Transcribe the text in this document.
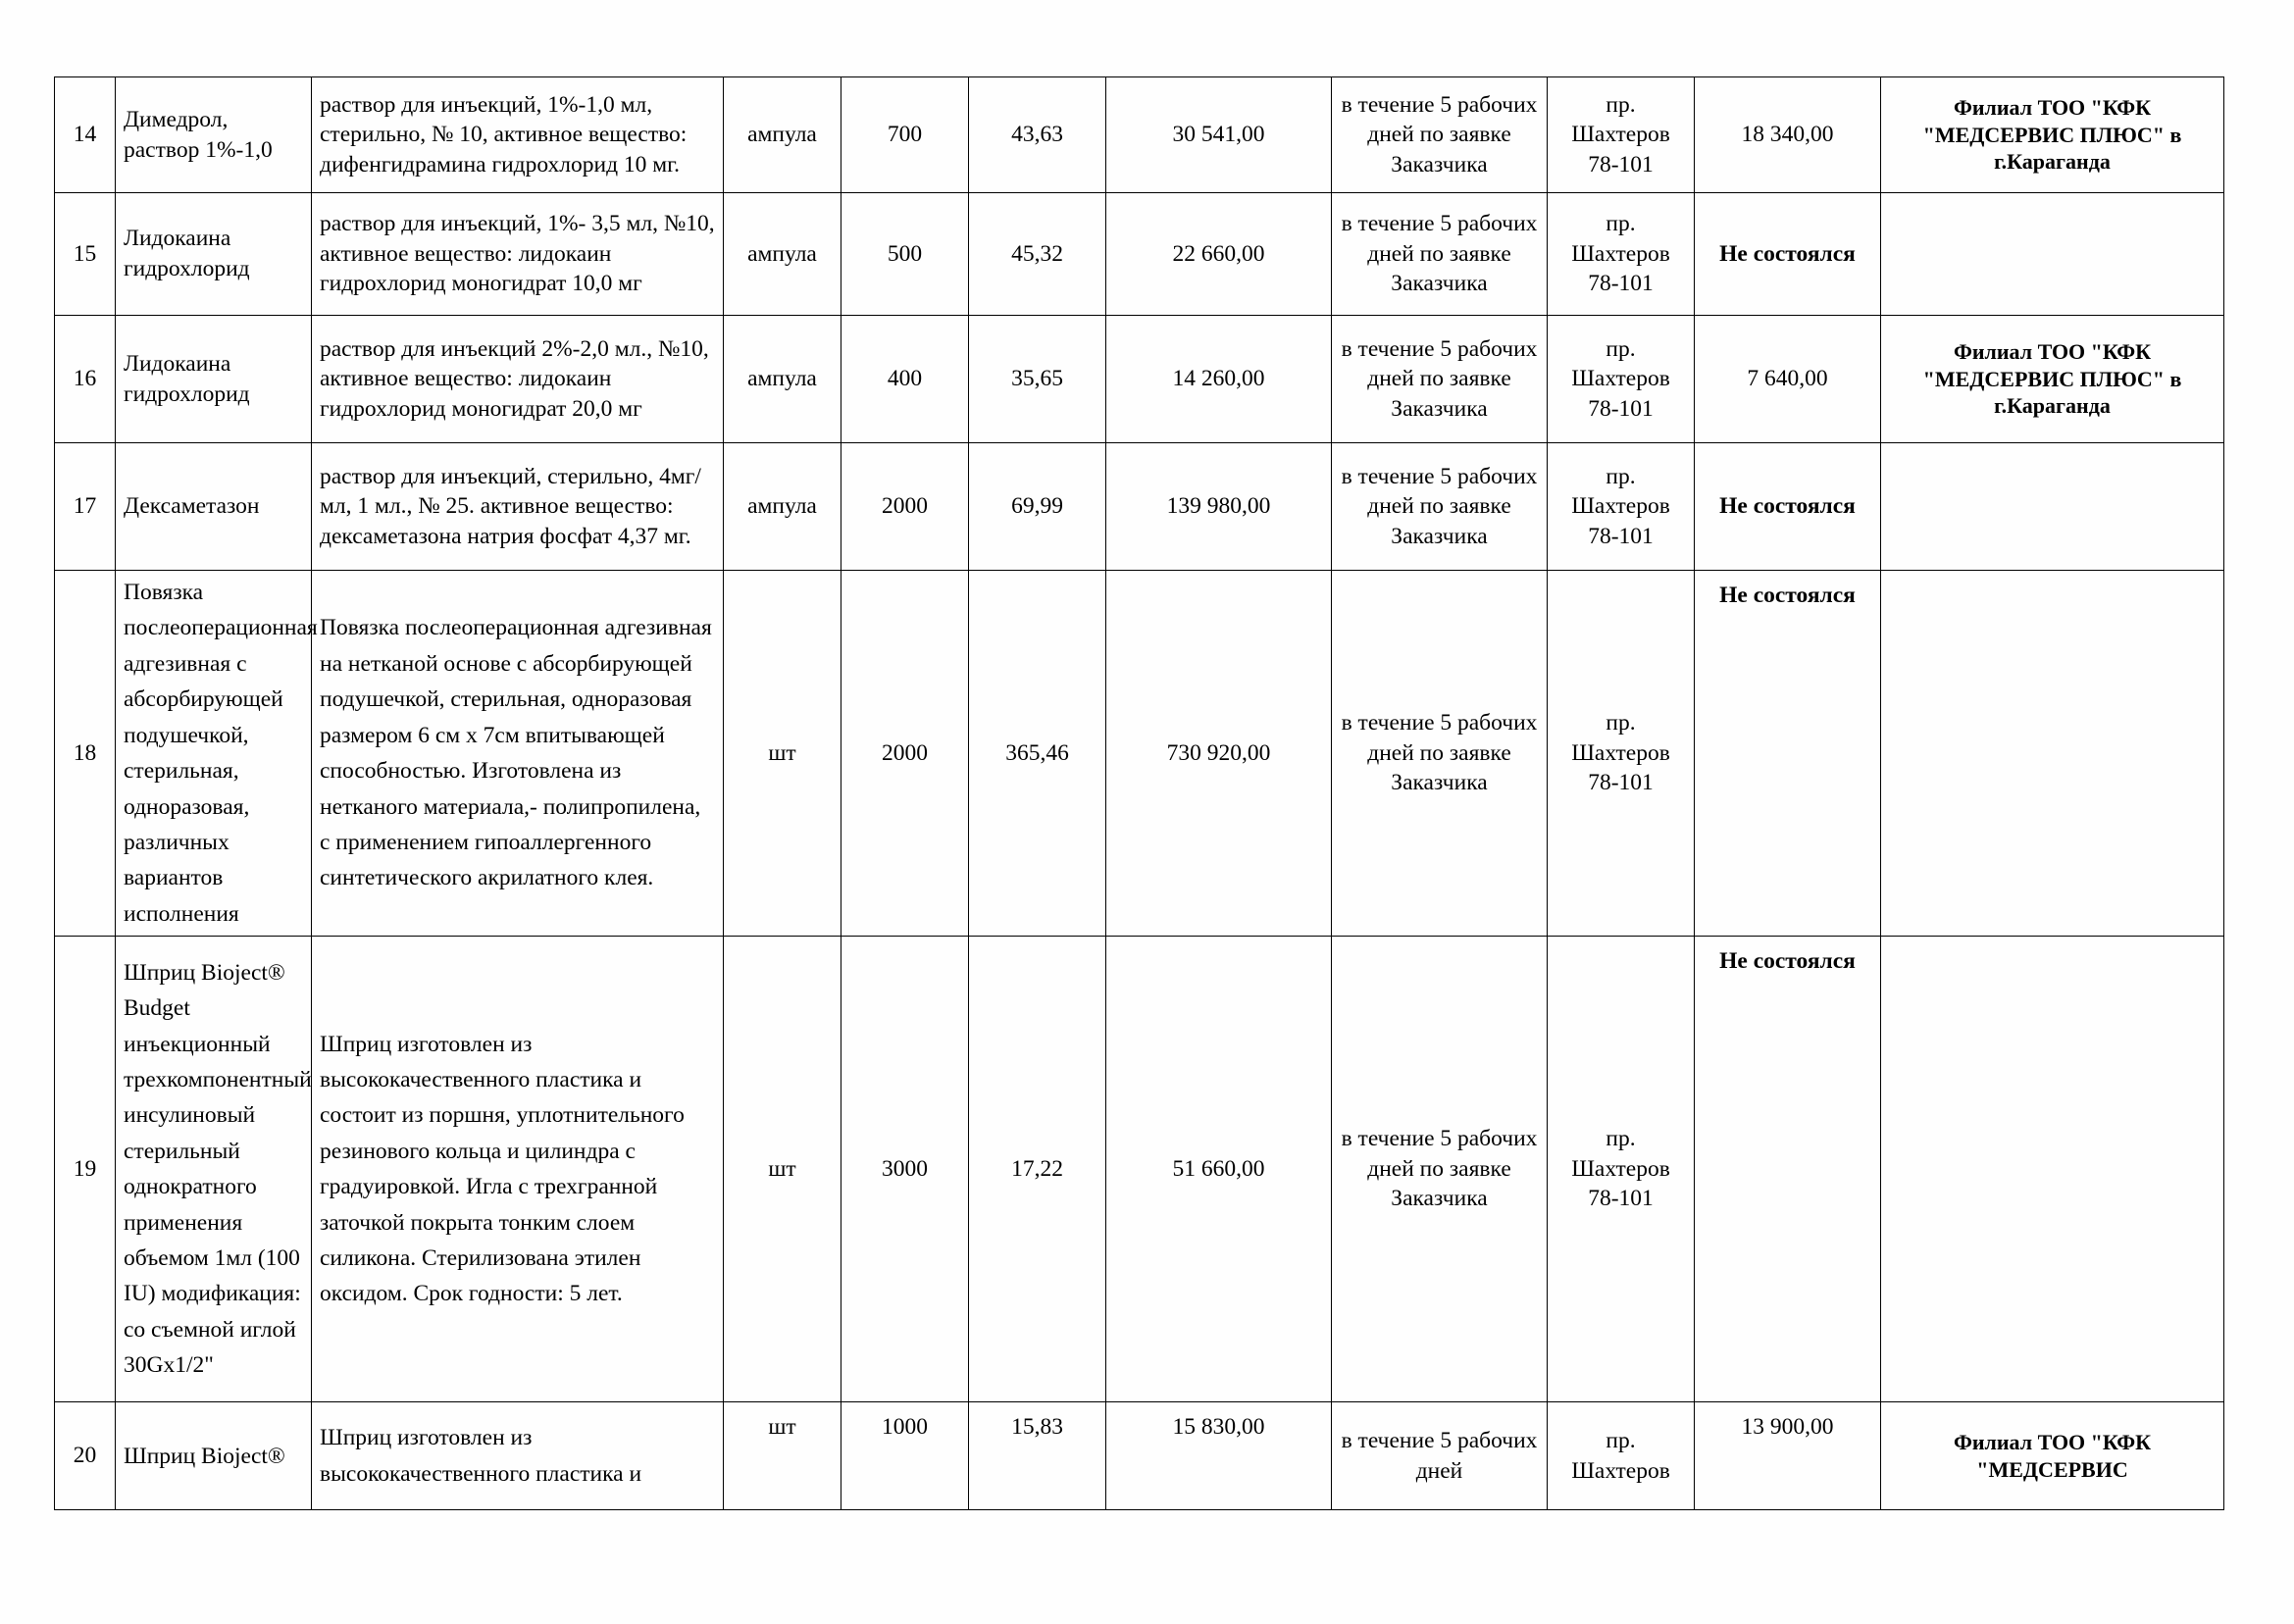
14	Димедрол, раствор 1%-1,0	раствор для инъекций, 1%-1,0 мл, стерильно, № 10, активное вещество: дифенгидрамина гидрохлорид 10 мг.	ампула	700	43,63	30 541,00	в течение 5 рабочих дней по заявке Заказчика	пр. Шахтеров 78-101	18 340,00	Филиал ТОО "КФК "МЕДСЕРВИС ПЛЮС" в г.Караганда
15	Лидокаина гидрохлорид	раствор для инъекций, 1%- 3,5 мл, №10, активное вещество: лидокаин гидрохлорид моногидрат 10,0 мг	ампула	500	45,32	22 660,00	в течение 5 рабочих дней по заявке Заказчика	пр. Шахтеров 78-101	Не состоялся	
16	Лидокаина гидрохлорид	раствор для инъекций 2%-2,0 мл., №10, активное вещество: лидокаин гидрохлорид моногидрат 20,0 мг	ампула	400	35,65	14 260,00	в течение 5 рабочих дней по заявке Заказчика	пр. Шахтеров 78-101	7 640,00	Филиал ТОО "КФК "МЕДСЕРВИС ПЛЮС" в г.Караганда
17	Дексаметазон	раствор для инъекций, стерильно, 4мг/мл, 1 мл., № 25. активное вещество: дексаметазона натрия фосфат 4,37 мг.	ампула	2000	69,99	139 980,00	в течение 5 рабочих дней по заявке Заказчика	пр. Шахтеров 78-101	Не состоялся	
18	Повязка послеоперационная адгезивная с абсорбирующей подушечкой, стерильная, одноразовая, различных вариантов исполнения	Повязка послеоперационная адгезивная на нетканой основе с абсорбирующей подушечкой, стерильная, одноразовая размером 6 см х 7см впитывающей способностью. Изготовлена из нетканого материала,- полипропилена, с применением гипоаллергенного синтетического акрилатного клея.	шт	2000	365,46	730 920,00	в течение 5 рабочих дней по заявке Заказчика	пр. Шахтеров 78-101	Не состоялся	
19	Шприц Bioject® Budget инъекционный трехкомпонентный инсулиновый стерильный однократного применения объемом 1мл (100 IU) модификация: со съемной иглой 30Gx1/2"	Шприц изготовлен из высококачественного пластика и состоит из поршня, уплотнительного резинового кольца и цилиндра с градуировкой. Игла с трехгранной заточкой покрыта тонким слоем силикона. Стерилизована этилен оксидом. Срок годности: 5 лет.	шт	3000	17,22	51 660,00	в течение 5 рабочих дней по заявке Заказчика	пр. Шахтеров 78-101	Не состоялся	
20	Шприц Bioject®	Шприц изготовлен из высококачественного пластика и	шт	1000	15,83	15 830,00	в течение 5 рабочих дней	пр. Шахтеров	13 900,00	Филиал ТОО "КФК "МЕДСЕРВИС
